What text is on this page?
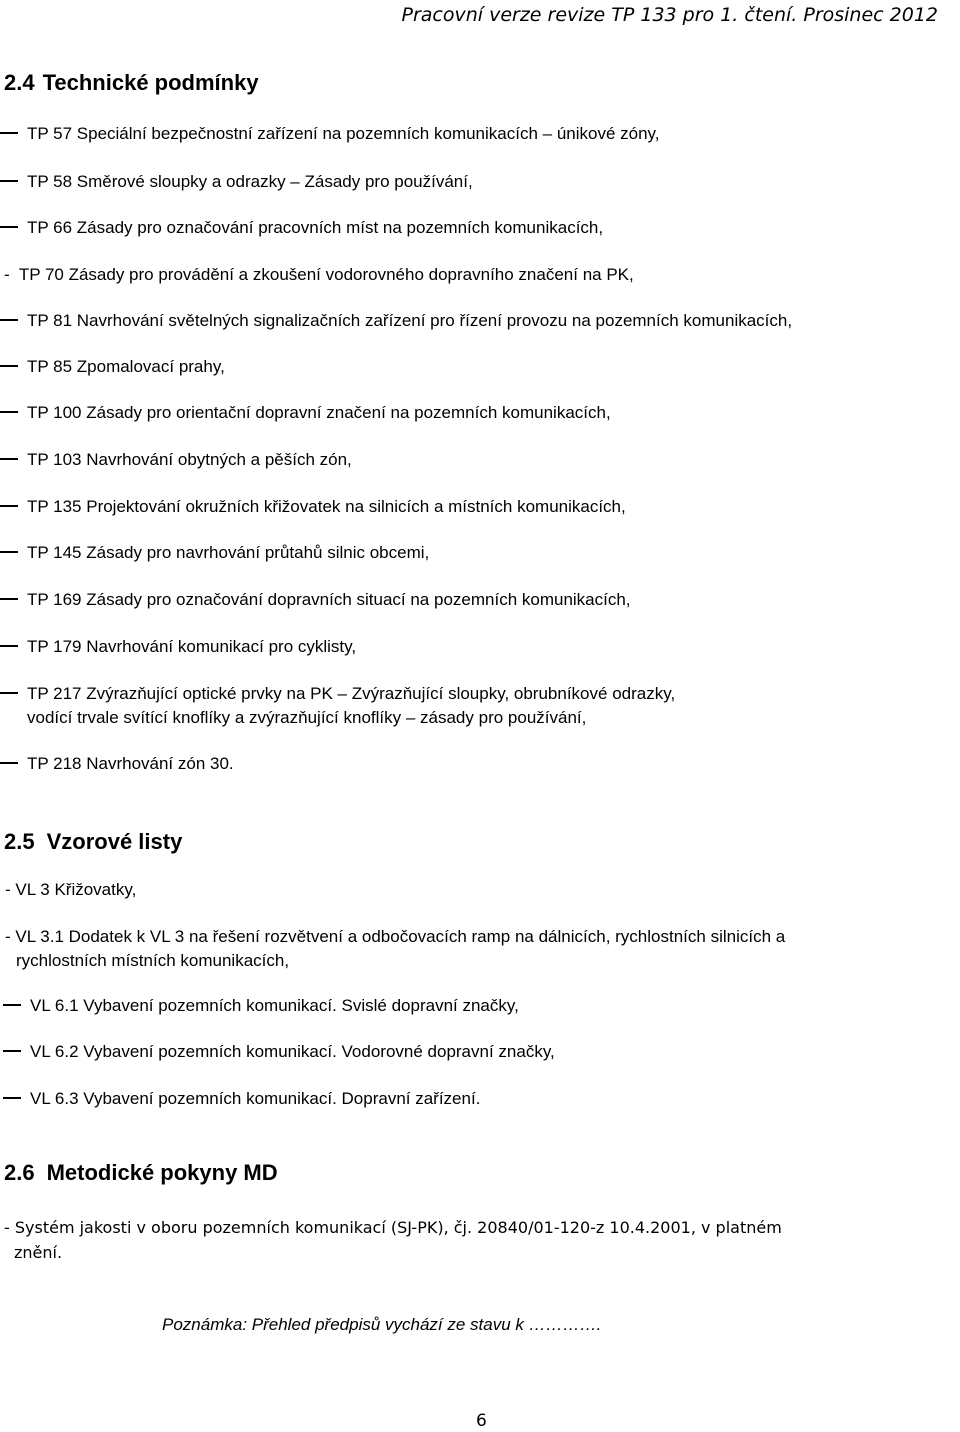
Pracovní verze revize TP 133 pro 1. čtení. Prosinec 2012
2.4 Technické podmínky
TP 57 Speciální bezpečnostní zařízení na pozemních komunikacích – únikové zóny,
TP 58 Směrové sloupky a odrazky – Zásady pro používání,
TP 66 Zásady pro označování pracovních míst na pozemních komunikacích,
- TP 70 Zásady pro provádění a zkoušení vodorovného dopravního značení na PK,
TP 81 Navrhování světelných signalizačních zařízení pro řízení provozu na pozemních komunikacích,
TP 85 Zpomalovací prahy,
TP 100 Zásady pro orientační dopravní značení na pozemních komunikacích,
TP 103 Navrhování obytných a pěších zón,
TP 135 Projektování okružních křižovatek na silnicích a místních komunikacích,
TP 145 Zásady pro navrhování průtahů silnic obcemi,
TP 169 Zásady pro označování dopravních situací na pozemních komunikacích,
TP 179 Navrhování komunikací pro cyklisty,
TP 217 Zvýrazňující optické prvky na PK – Zvýrazňující sloupky, obrubníkové odrazky,
vodící trvale svítící knoflíky a zvýrazňující knoflíky – zásady pro používání,
TP 218 Navrhování zón 30.
2.5 Vzorové listy
- VL 3 Křižovatky,
- VL 3.1 Dodatek k VL 3 na řešení rozvětvení a odbočovacích ramp na dálnicích, rychlostních silnicích a
rychlostních místních komunikacích,
VL 6.1 Vybavení pozemních komunikací. Svislé dopravní značky,
VL 6.2 Vybavení pozemních komunikací. Vodorovné dopravní značky,
VL 6.3 Vybavení pozemních komunikací. Dopravní zařízení.
2.6 Metodické pokyny MD
- Systém jakosti v oboru pozemních komunikací (SJ-PK), čj. 20840/01-120-z 10.4.2001, v platném
znění.
Poznámka: Přehled předpisů vychází ze stavu k ………….
6
